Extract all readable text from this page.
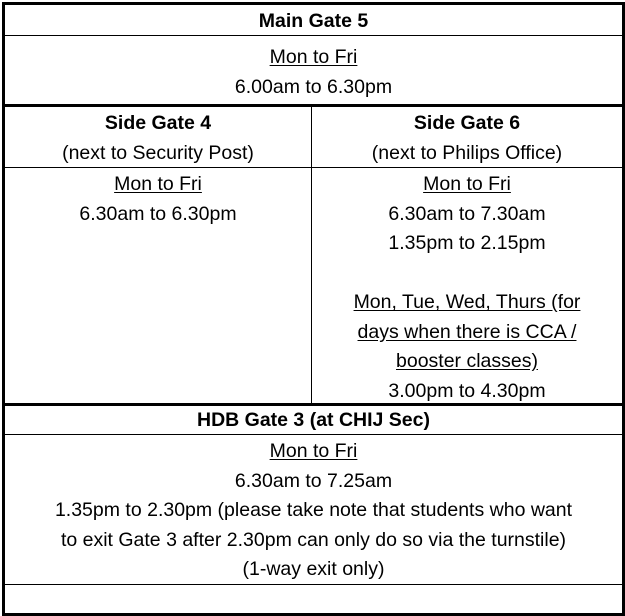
Main Gate 5
Mon to Fri
6.00am to 6.30pm
Side Gate 4
(next to Security Post)
Side Gate 6
(next to Philips Office)
Mon to Fri
6.30am to 6.30pm
Mon to Fri
6.30am to 7.30am
1.35pm to 2.15pm
Mon, Tue, Wed, Thurs (for
days when there is CCA /
booster classes)
3.00pm to 4.30pm
HDB Gate 3 (at CHIJ Sec)
Mon to Fri
6.30am to 7.25am
1.35pm to 2.30pm (please take note that students who want
to exit Gate 3 after 2.30pm can only do so via the turnstile)
(1-way exit only)
